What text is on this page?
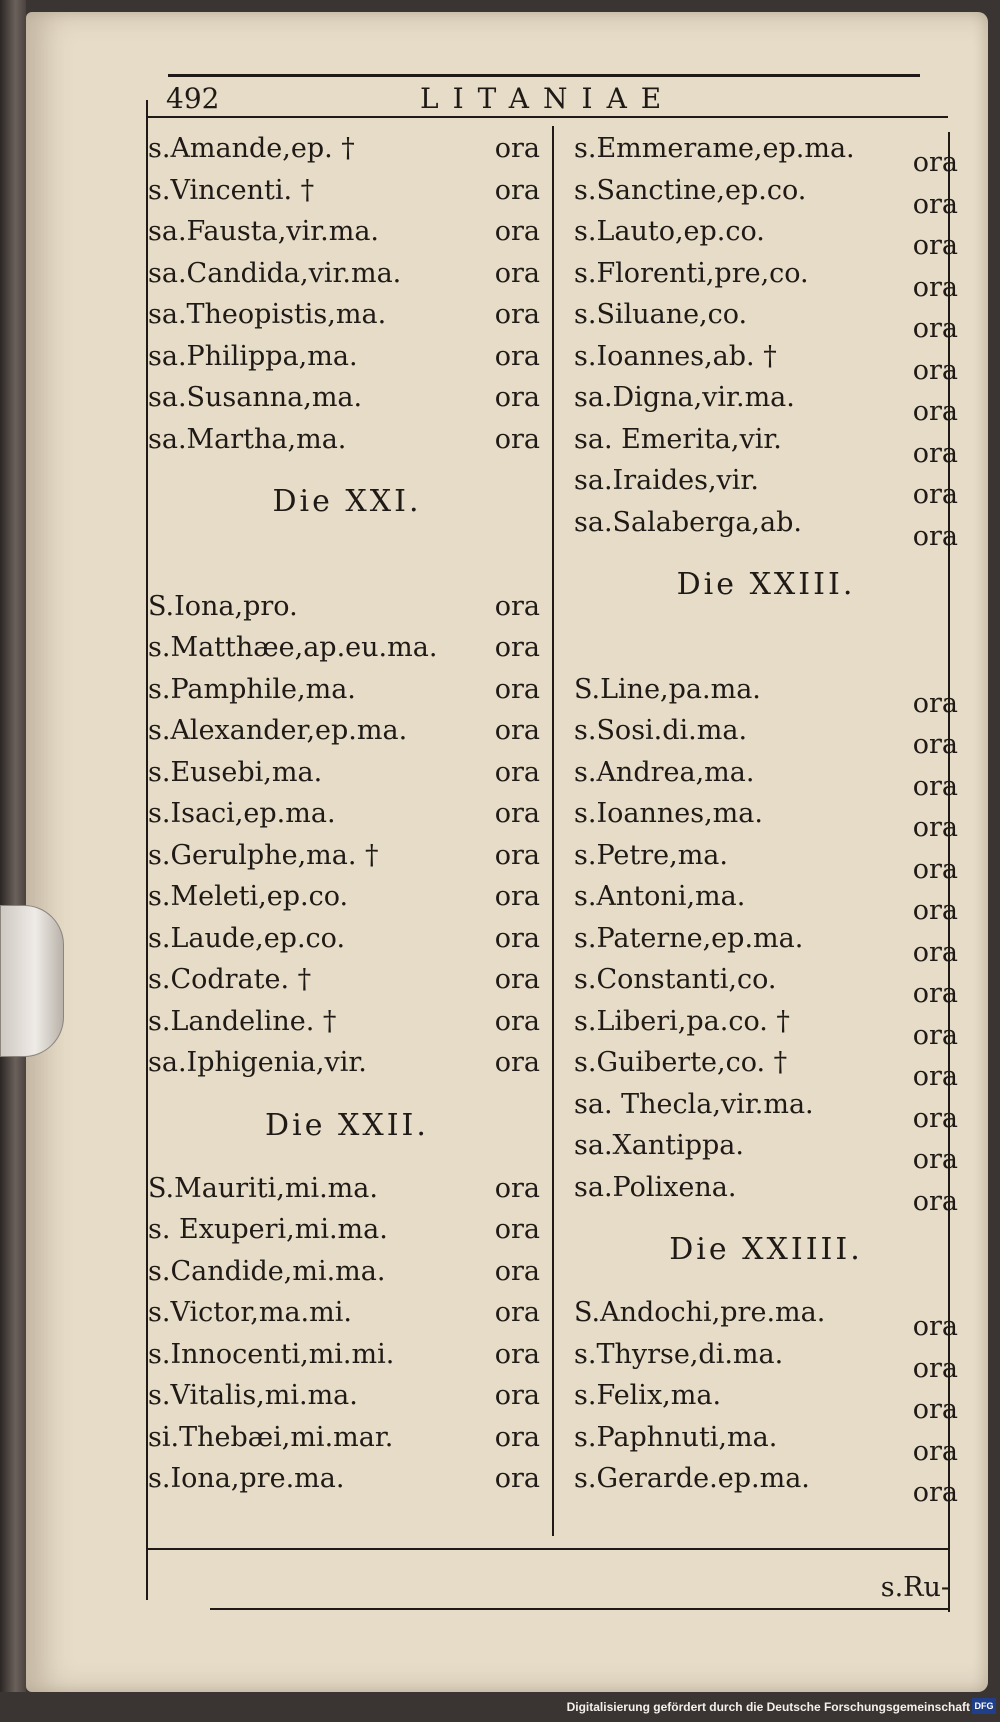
492	LITANIAE
s.Amande,ep. †	ora
s.Vincenti. †	ora
sa.Fausta,vir.ma.	ora
sa.Candida,vir.ma.	ora
sa.Theopistis,ma.	ora
sa.Philippa,ma.	ora
sa.Susanna,ma.	ora
sa.Martha,ma.	ora
Die XXI.
S.Iona,pro.	ora
s.Matthæe,ap.eu.ma. ora
s.Pamphile,ma.	ora
s.Alexander,ep.ma.	ora
s.Eusebi,ma.	ora
s.Isaci,ep.ma.	ora
s.Gerulphe,ma. †	ora
s.Meleti,ep.co.	ora
s.Laude,ep.co.	ora
s.Codrate. †	ora
s.Landeline. †	ora
sa.Iphigenia,vir.	ora
Die XXII.
S.Mauriti,mi.ma.	ora
s. Exuperi,mi.ma.	ora
s.Candide,mi.ma.	ora
s.Victor,ma.mi.	ora
s.Innocenti,mi.mi.	ora
s.Vitalis,mi.ma.	ora
si.Thebæi,mi.mar.	ora
s.Iona,pre.ma.	ora
s.Emmerame,ep.ma. ora
s.Sanctine,ep.co.	ora
s.Lauto,ep.co.	ora
s.Florenti,pre,co.	ora
s.Siluane,co.	ora
s.Ioannes,ab. †	ora
sa.Digna,vir.ma.	ora
sa. Emerita,vir.	ora
sa.Iraides,vir.	ora
sa.Salaberga,ab.	ora
Die XXIII.
S.Line,pa.ma.	ora
s.Sosi.di.ma.	ora
s.Andrea,ma.	ora
s.Ioannes,ma.	ora
s.Petre,ma.	ora
s.Antoni,ma.	ora
s.Paterne,ep.ma.	ora
s.Constanti,co.	ora
s.Liberi,pa.co. †	ora
s.Guiberte,co. †	ora
sa. Thecla,vir.ma.	ora
sa.Xantippa.	ora
sa.Polixena.	ora
Die XXIIII.
S.Andochi,pre.ma.	ora
s.Thyrse,di.ma.	ora
s.Felix,ma.	ora
s.Paphnuti,ma.	ora
s.Gerarde.ep.ma.	ora
s.Ru-
Digitalisierung gefördert durch die Deutsche Forschungsgemeinschaft DFG
